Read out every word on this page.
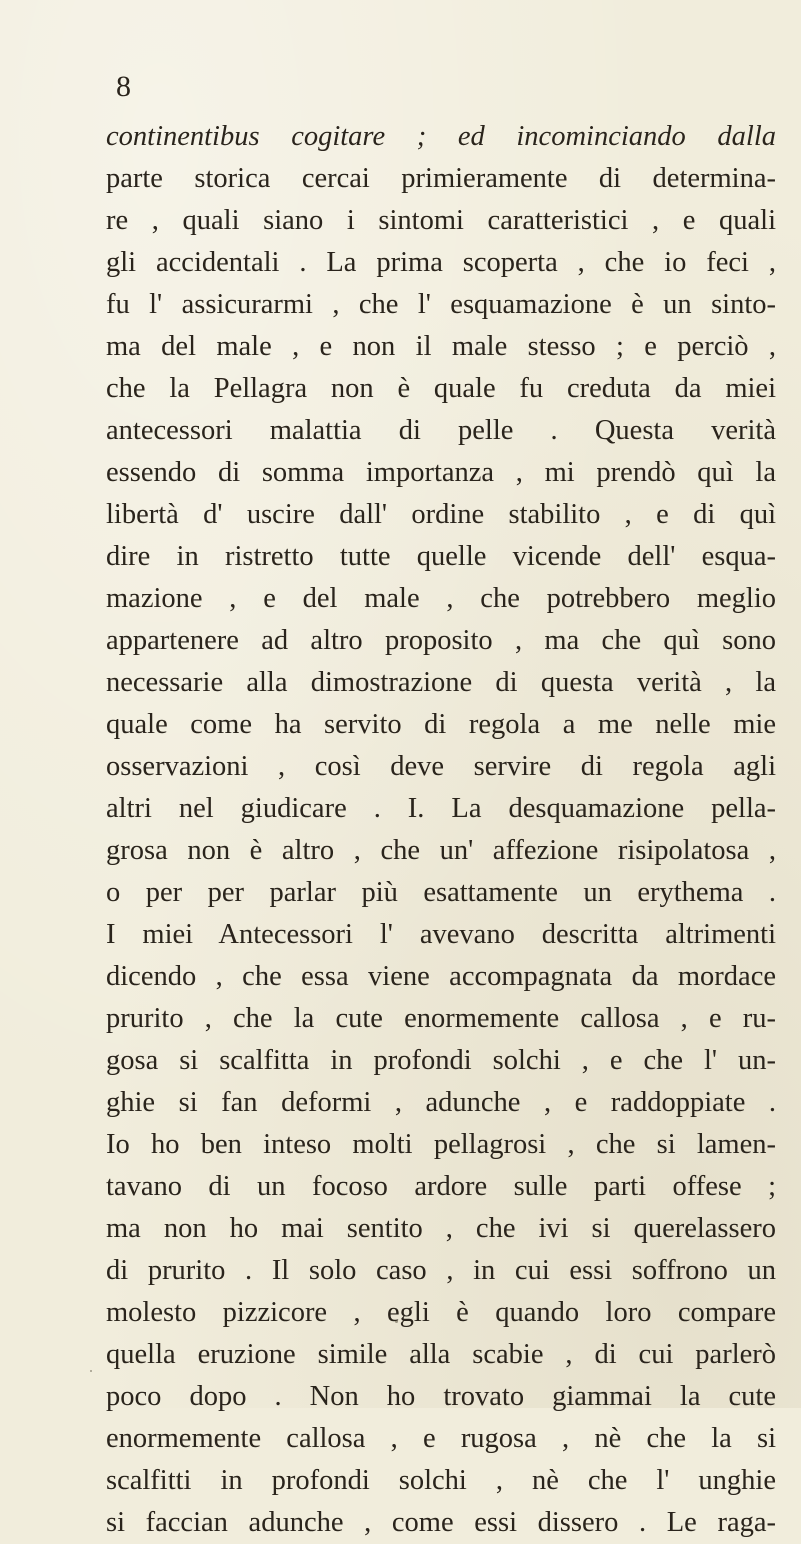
8
continentibus cogitare ; ed incominciando dalla
parte storica cercai primieramente di determina-
re , quali siano i sintomi caratteristici , e quali
gli accidentali . La prima scoperta , che io feci ,
fu l' assicurarmi , che l' esquamazione è un sinto-
ma del male , e non il male stesso ; e perciò ,
che la Pellagra non è quale fu creduta da miei
antecessori malattia di pelle . Questa verità
essendo di somma importanza , mi prendò quì la
libertà d' uscire dall' ordine stabilito , e di quì
dire in ristretto tutte quelle vicende dell' esqua-
mazione , e del male , che potrebbero meglio
appartenere ad altro proposito , ma che quì sono
necessarie alla dimostrazione di questa verità , la
quale come ha servito di regola a me nelle mie
osservazioni , così deve servire di regola agli
altri nel giudicare . I. La desquamazione pella-
grosa non è altro , che un' affezione risipolatosa ,
o per per parlar più esattamente un erythema .
I miei Antecessori l' avevano descritta altrimenti
dicendo , che essa viene accompagnata da mordace
prurito , che la cute enormemente callosa , e ru-
gosa si scalfitta in profondi solchi , e che l' un-
ghie si fan deformi , adunche , e raddoppiate .
Io ho ben inteso molti pellagrosi , che si lamen-
tavano di un focoso ardore sulle parti offese ;
ma non ho mai sentito , che ivi si querelassero
di prurito . Il solo caso , in cui essi soffrono un
molesto pizzicore , egli è quando loro compare
quella eruzione simile alla scabie , di cui parlerò
poco dopo . Non ho trovato giammai la cute
enormemente callosa , e rugosa , nè che la si
scalfitti in profondi solchi , nè che l' unghie
si faccian adunche , come essi dissero . Le raga-
